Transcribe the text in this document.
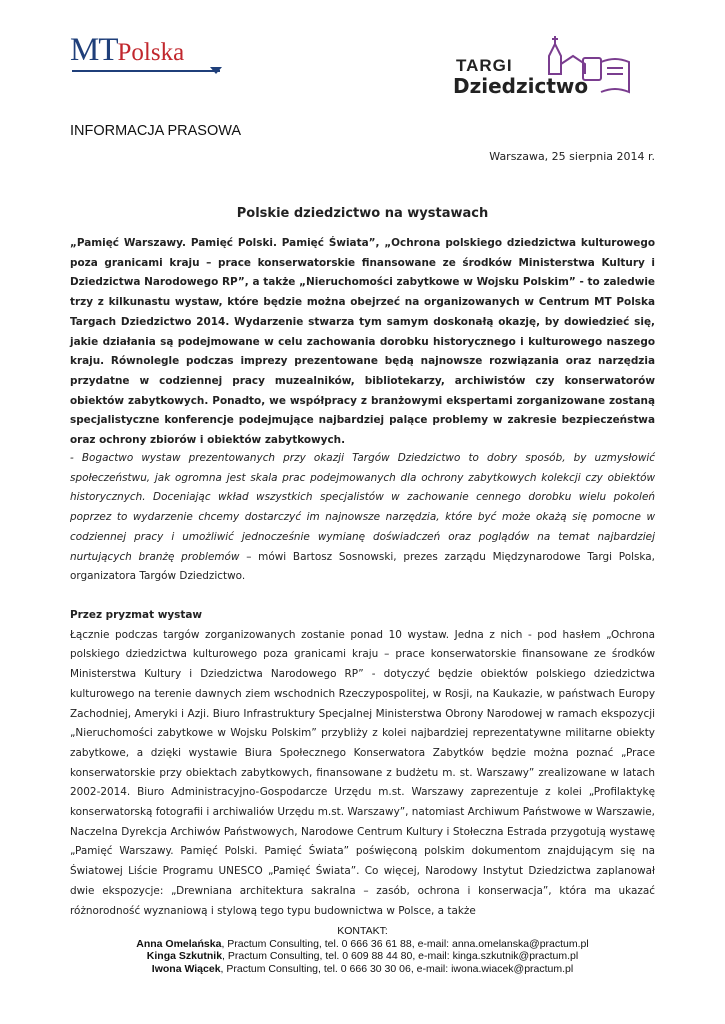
MTPolska	TARGI
Dziedzictwo
INFORMACJA PRASOWA
Warszawa, 25 sierpnia 2014 r.
Polskie dziedzictwo na wystawach

„Pamięć Warszawy. Pamięć Polski. Pamięć Świata”, „Ochrona polskiego dziedzictwa kulturowego poza granicami kraju – prace konserwatorskie finansowane ze środków Ministerstwa Kultury i Dziedzictwa Narodowego RP”, a także „Nieruchomości zabytkowe w Wojsku Polskim” - to zaledwie trzy z kilkunastu wystaw, które będzie można obejrzeć na organizowanych w Centrum MT Polska Targach Dziedzictwo 2014. Wydarzenie stwarza tym samym doskonałą okazję, by dowiedzieć się, jakie działania są podejmowane w celu zachowania dorobku historycznego i kulturowego naszego kraju. Równolegle podczas imprezy prezentowane będą najnowsze rozwiązania oraz narzędzia przydatne w codziennej pracy muzealników, bibliotekarzy, archiwistów czy konserwatorów obiektów zabytkowych. Ponadto, we współpracy z branżowymi ekspertami zorganizowane zostaną specjalistyczne konferencje podejmujące najbardziej palące problemy w zakresie bezpieczeństwa oraz ochrony zbiorów i obiektów zabytkowych.

- Bogactwo wystaw prezentowanych przy okazji Targów Dziedzictwo to dobry sposób, by uzmysłowić społeczeństwu, jak ogromna jest skala prac podejmowanych dla ochrony zabytkowych kolekcji czy obiektów historycznych. Doceniając wkład wszystkich specjalistów w zachowanie cennego dorobku wielu pokoleń poprzez to wydarzenie chcemy dostarczyć im najnowsze narzędzia, które być może okażą się pomocne w codziennej pracy i umożliwić jednocześnie wymianę doświadczeń oraz poglądów na temat najbardziej nurtujących branżę problemów – mówi Bartosz Sosnowski, prezes zarządu Międzynarodowe Targi Polska, organizatora Targów Dziedzictwo.

Przez pryzmat wystaw
Łącznie podczas targów zorganizowanych zostanie ponad 10 wystaw. Jedna z nich - pod hasłem „Ochrona polskiego dziedzictwa kulturowego poza granicami kraju – prace konserwatorskie finansowane ze środków Ministerstwa Kultury i Dziedzictwa Narodowego RP” - dotyczyć będzie obiektów polskiego dziedzictwa kulturowego na terenie dawnych ziem wschodnich Rzeczypospolitej, w Rosji, na Kaukazie, w państwach Europy Zachodniej, Ameryki i Azji. Biuro Infrastruktury Specjalnej Ministerstwa Obrony Narodowej w ramach ekspozycji „Nieruchomości zabytkowe w Wojsku Polskim” przybliży z kolei najbardziej reprezentatywne militarne obiekty zabytkowe, a dzięki wystawie Biura Społecznego Konserwatora Zabytków będzie można poznać „Prace konserwatorskie przy obiektach zabytkowych, finansowane z budżetu m. st. Warszawy” zrealizowane w latach 2002-2014. Biuro Administracyjno-Gospodarcze Urzędu m.st. Warszawy zaprezentuje z kolei „Profilaktykę konserwatorską fotografii i archiwaliów Urzędu m.st. Warszawy”, natomiast Archiwum Państwowe w Warszawie, Naczelna Dyrekcja Archiwów Państwowych, Narodowe Centrum Kultury i Stołeczna Estrada przygotują wystawę „Pamięć Warszawy. Pamięć Polski. Pamięć Świata” poświęconą polskim dokumentom znajdującym się na Światowej Liście Programu UNESCO „Pamięć Świata”. Co więcej, Narodowy Instytut Dziedzictwa zaplanował dwie ekspozycje: „Drewniana architektura sakralna – zasób, ochrona i konserwacja”, która ma ukazać różnorodność wyznaniową i stylową tego typu budownictwa w Polsce, a także

KONTAKT:
Anna Omelańska, Practum Consulting, tel. 0 666 36 61 88, e-mail: anna.omelanska@practum.pl
Kinga Szkutnik, Practum Consulting, tel. 0 609 88 44 80, e-mail: kinga.szkutnik@practum.pl
Iwona Wiącek, Practum Consulting, tel. 0 666 30 30 06, e-mail: iwona.wiacek@practum.pl
